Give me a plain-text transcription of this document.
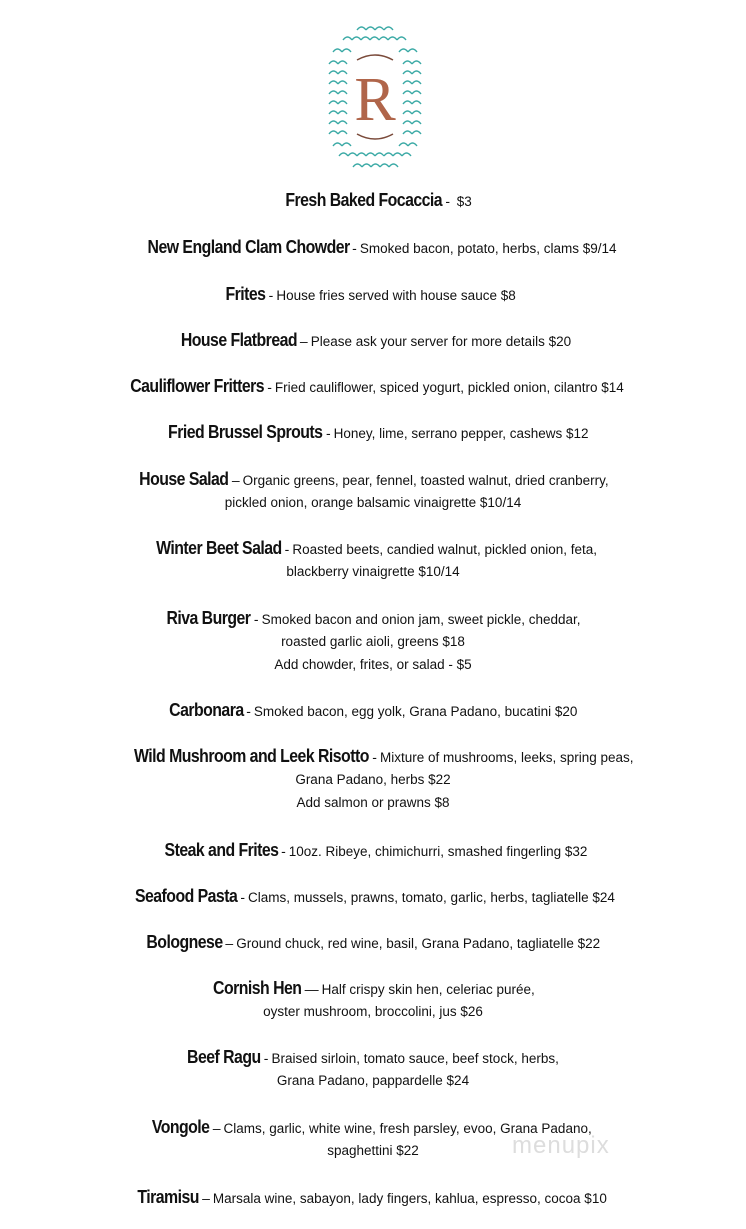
R
Fresh Baked Focaccia - $3
New England Clam Chowder - Smoked bacon, potato, herbs, clams $9/14
Frites - House fries served with house sauce $8
House Flatbread – Please ask your server for more details $20
Cauliflower Fritters - Fried cauliflower, spiced yogurt, pickled onion, cilantro $14
Fried Brussel Sprouts - Honey, lime, serrano pepper, cashews $12
House Salad – Organic greens, pear, fennel, toasted walnut, dried cranberry,
pickled onion, orange balsamic vinaigrette $10/14
Winter Beet Salad - Roasted beets, candied walnut, pickled onion, feta,
blackberry vinaigrette $10/14
Riva Burger - Smoked bacon and onion jam, sweet pickle, cheddar,
roasted garlic aioli, greens $18
Add chowder, frites, or salad - $5
Carbonara - Smoked bacon, egg yolk, Grana Padano, bucatini $20
Wild Mushroom and Leek Risotto - Mixture of mushrooms, leeks, spring peas,
Grana Padano, herbs $22
Add salmon or prawns $8
Steak and Frites - 10oz. Ribeye, chimichurri, smashed fingerling $32
Seafood Pasta - Clams, mussels, prawns, tomato, garlic, herbs, tagliatelle $24
Bolognese – Ground chuck, red wine, basil, Grana Padano, tagliatelle $22
Cornish Hen — Half crispy skin hen, celeriac purée,
oyster mushroom, broccolini, jus $26
Beef Ragu - Braised sirloin, tomato sauce, beef stock, herbs,
Grana Padano, pappardelle $24
Vongole – Clams, garlic, white wine, fresh parsley, evoo, Grana Padano,
spaghettini $22
Tiramisu – Marsala wine, sabayon, lady fingers, kahlua, espresso, cocoa $10
menupix
